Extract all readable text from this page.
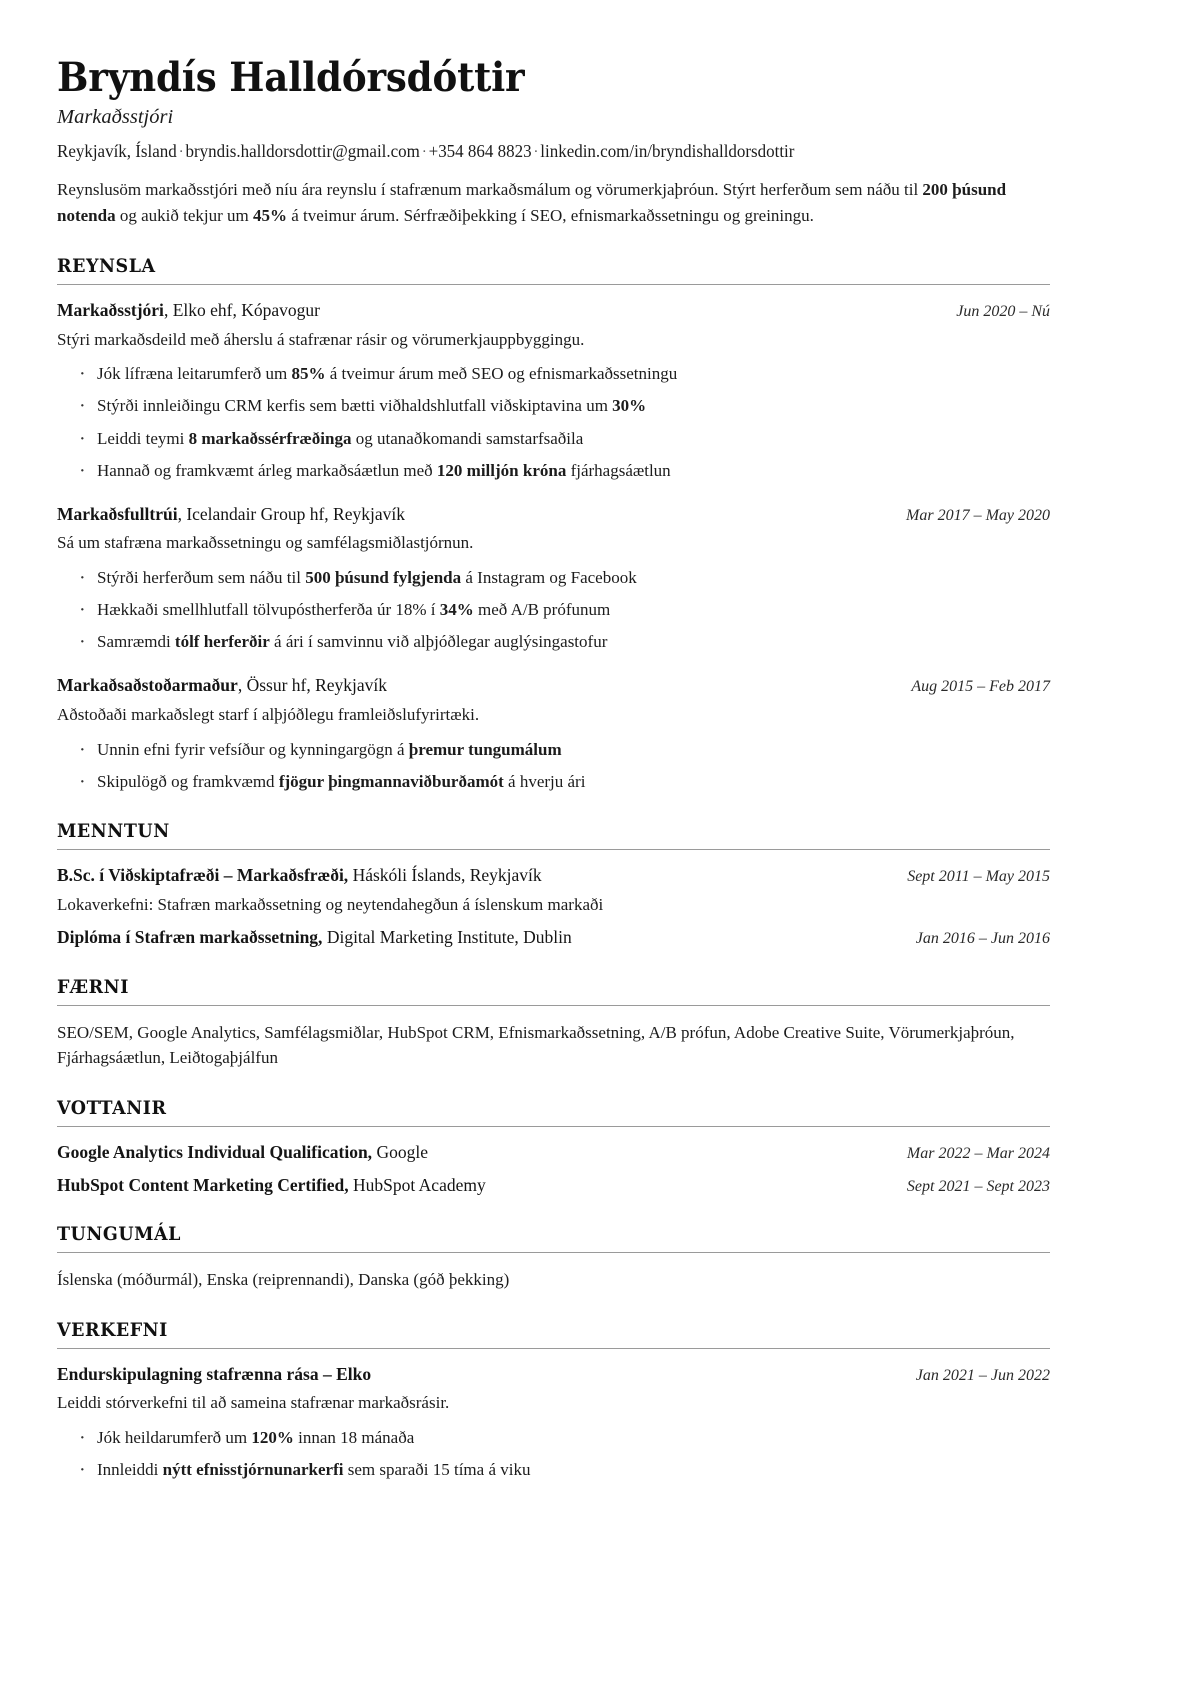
Bryndís Halldórsdóttir
Markaðsstjóri
Reykjavík, Ísland · bryndis.halldorsdottir@gmail.com · +354 864 8823 · linkedin.com/in/bryndishalldorsdottir

Reynslusöm markaðsstjóri með níu ára reynslu í stafrænum markaðsmálum og vörumerkjaþróun. Stýrt herferðum sem náðu til 200 þúsund notenda og aukið tekjur um 45% á tveimur árum. Sérfræðiþekking í SEO, efnismarkaðssetningu og greiningu.

REYNSLA
Markaðsstjóri, Elko ehf, Kópavogur	Jun 2020 – Nú
Stýri markaðsdeild með áherslu á stafrænar rásir og vörumerkjauppbyggingu.
· Jók lífræna leitarumferð um 85% á tveimur árum með SEO og efnismarkaðssetningu
· Stýrði innleiðingu CRM kerfis sem bætti viðhaldshlutfall viðskiptavina um 30%
· Leiddi teymi 8 markaðssérfræðinga og utanaðkomandi samstarfsaðila
· Hannað og framkvæmt árleg markaðsáætlun með 120 milljón króna fjárhagsáætlun
Markaðsfulltrúi, Icelandair Group hf, Reykjavík	Mar 2017 – May 2020
Sá um stafræna markaðssetningu og samfélagsmiðlastjórnun.
· Stýrði herferðum sem náðu til 500 þúsund fylgjenda á Instagram og Facebook
· Hækkaði smellhlutfall tölvupóstherferða úr 18% í 34% með A/B prófunum
· Samræmdi tólf herferðir á ári í samvinnu við alþjóðlegar auglýsingastofur
Markaðsaðstoðarmaður, Össur hf, Reykjavík	Aug 2015 – Feb 2017
Aðstoðaði markaðslegt starf í alþjóðlegu framleiðslufyrirtæki.
· Unnin efni fyrir vefsíður og kynningargögn á þremur tungumálum
· Skipulögð og framkvæmd fjögur þingmannaviðburðamót á hverju ári
MENNTUN
B.Sc. í Viðskiptafræði – Markaðsfræði, Háskóli Íslands, Reykjavík	Sept 2011 – May 2015
Lokaverkefni: Stafræn markaðssetning og neytendahegðun á íslenskum markaði
Diplóma í Stafræn markaðssetning, Digital Marketing Institute, Dublin	Jan 2016 – Jun 2016
FÆRNI

SEO/SEM, Google Analytics, Samfélagsmiðlar, HubSpot CRM, Efnismarkaðssetning, A/B prófun, Adobe Creative Suite, Vörumerkjaþróun, Fjárhagsáætlun, Leiðtogaþjálfun

VOTTANIR
Google Analytics Individual Qualification, Google	Mar 2022 – Mar 2024
HubSpot Content Marketing Certified, HubSpot Academy	Sept 2021 – Sept 2023
TUNGUMÁL

Íslenska (móðurmál), Enska (reiprennandi), Danska (góð þekking)

VERKEFNI
Endurskipulagning stafrænna rása – Elko	Jan 2021 – Jun 2022
Leiddi stórverkefni til að sameina stafrænar markaðsrásir.
· Jók heildarumferð um 120% innan 18 mánaða
· Innleiddi nýtt efnisstjórnunarkerfi sem sparaði 15 tíma á viku
